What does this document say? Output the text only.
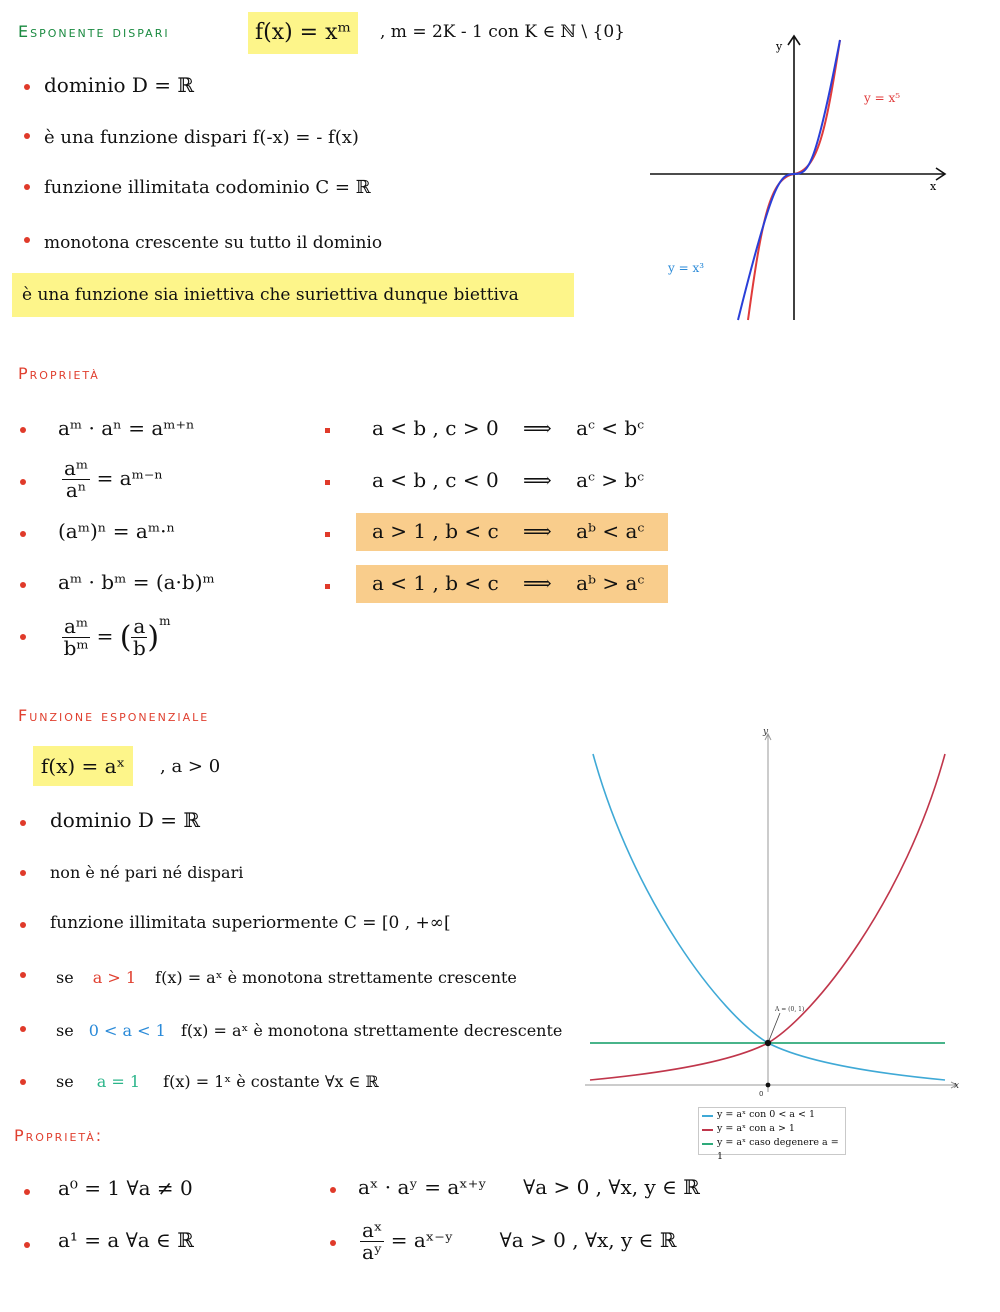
Esponente dispari	f(x) = xᵐ	, m = 2K - 1 con K ∈ ℕ \ {0}
dominio D = ℝ
è una funzione dispari f(-x) = - f(x)
funzione illimitata codominio C = ℝ
monotona crescente su tutto il dominio
è una funzione sia iniettiva che suriettiva dunque biettiva
y
x
y = x⁵
y = x³
Proprietà
aᵐ · aⁿ = aᵐ⁺ⁿ
$\frac{\text{aᵐ}}{\text{aⁿ}}$ = aᵐ⁻ⁿ
(aᵐ)ⁿ = aᵐ·ⁿ
aᵐ · bᵐ = (a·b)ᵐ
$\frac{\text{aᵐ}}{\text{bᵐ}}$ = ( $\frac{a}{b} )^m$
a < b , c > 0 ⟹ aᶜ < bᶜ
a < b , c < 0 ⟹ aᶜ > bᶜ
a > 1 , b < c ⟹ aᵇ < aᶜ
a < 1 , b < c ⟹ aᵇ > aᶜ
Funzione esponenziale
f(x) = aˣ	, a > 0
dominio D = ℝ
non è né pari né dispari
funzione illimitata superiormente C = [0 , +∞[
se a > 1 f(x) = aˣ è monotona strettamente crescente
se 0 < a < 1 f(x) = aˣ è monotona strettamente decrescente
se a = 1 f(x) = 1ˣ è costante ∀x ∈ ℝ
y
x
0
A = (0, 1)
y = aˣ con 0 < a < 1
y = aˣ con a > 1
y = aˣ caso degenere a = 1
Proprietà:
a⁰ = 1 ∀a ≠ 0
a¹ = a ∀a ∈ ℝ
aˣ · aʸ = aˣ⁺ʸ ∀a > 0 , ∀x, y ∈ ℝ
$\frac{\text{aˣ}}{\text{aʸ}}$ = aˣ⁻ʸ ∀a > 0 , ∀x, y ∈ ℝ
